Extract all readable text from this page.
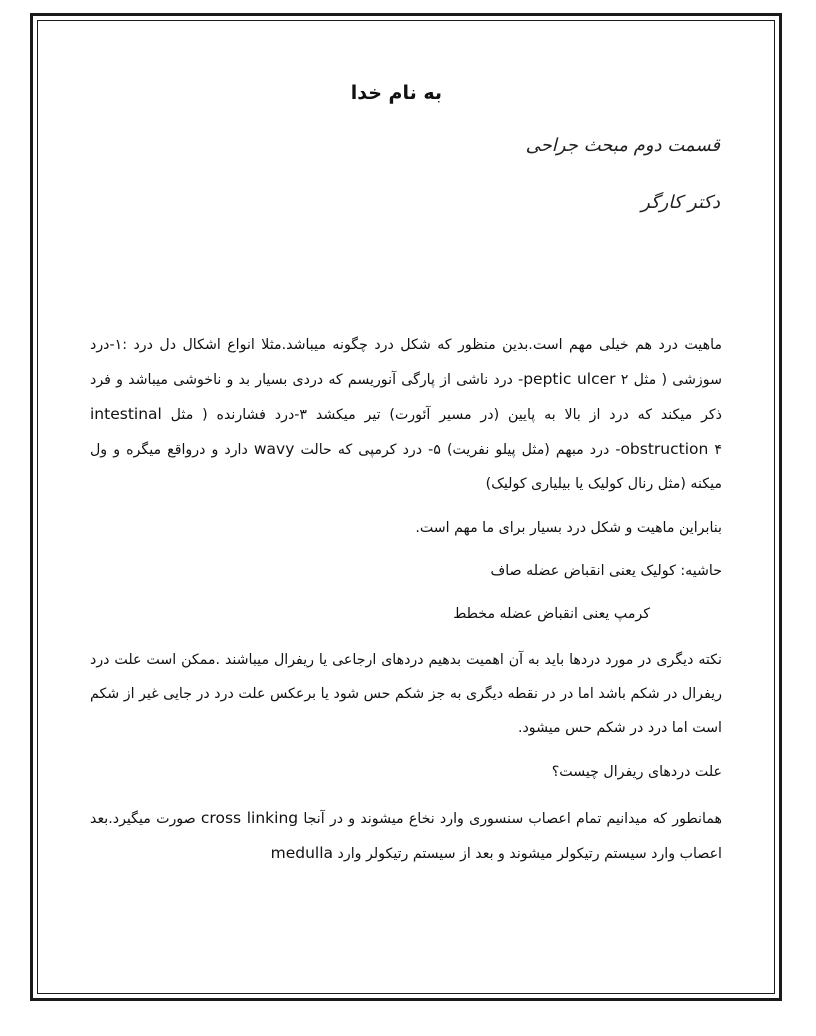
به نام خدا
قسمت دوم مبحث جراحی
دکتر کارگر

ماهیت درد هم خیلی مهم است.بدین منظور که شکل درد چگونه میباشد.مثلا انواع اشکال دل درد :۱-درد سوزشی ( مثل peptic ulcer ۲- درد ناشی از پارگی آنوریسم که دردی بسیار بد و ناخوشی میباشد و فرد ذکر میکند که درد از بالا به پایین (در مسیر آئورت) تیر میکشد ۳-درد فشارنده ( مثل intestinal obstruction ۴- درد مبهم (مثل پیلو نفریت) ۵- درد کرمپی که حالت wavy دارد و درواقع میگره و ول میکنه (مثل رنال کولیک یا بیلیاری کولیک)

بنابراین ماهیت و شکل درد بسیار برای ما مهم است.

حاشیه: کولیک یعنی انقباض عضله صاف

کرمپ یعنی انقباض عضله مخطط

نکته دیگری در مورد دردها باید به آن اهمیت بدهیم دردهای ارجاعی یا ریفرال میباشند .ممکن است علت درد ریفرال در شکم باشد اما در در نقطه دیگری به جز شکم حس شود یا برعکس علت درد در جایی غیر از شکم است اما درد در شکم حس میشود.

علت دردهای ریفرال چیست؟

همانطور که میدانیم تمام اعصاب سنسوری وارد نخاع میشوند و در آنجا cross linking صورت میگیرد.بعد اعصاب وارد سیستم رتیکولر میشوند و بعد از سیستم رتیکولر وارد medulla
